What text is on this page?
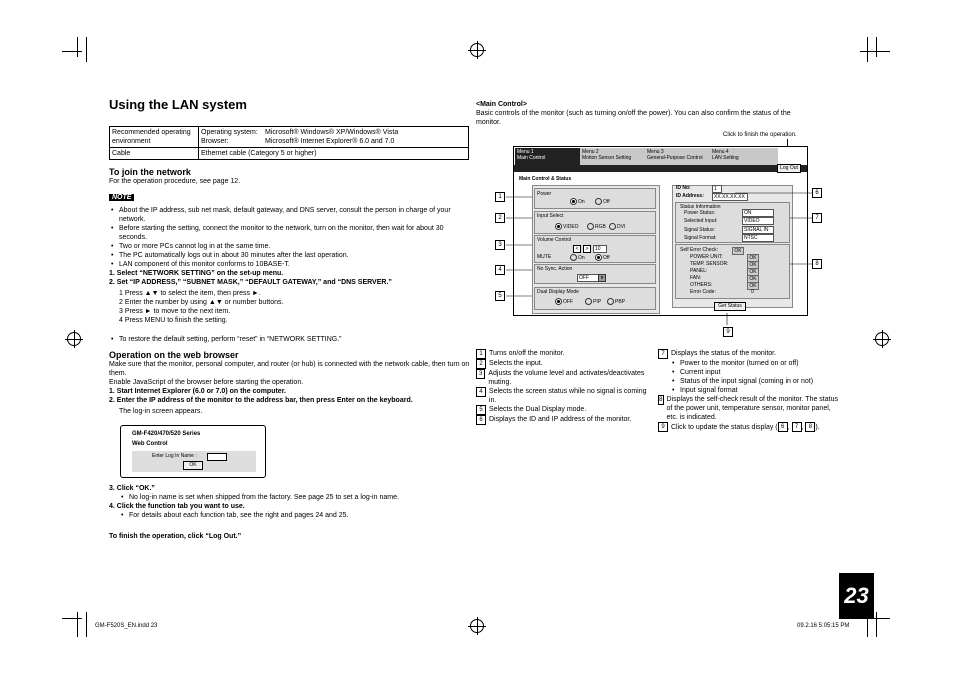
Using the LAN system
Recommended operating environment	Operating system: Microsoft® Windows® XP/Windows® Vista
Browser: Microsoft® Internet Explorer® 6.0 and 7.0
Cable	Ethernet cable (Category 5 or higher)
To join the network
For the operation procedure, see page 12.
NOTE
• About the IP address, sub net mask, default gateway, and DNS server, consult the person in charge of your network.
• Before starting the setting, connect the monitor to the network, turn on the monitor, then wait for about 30 seconds.
• Two or more PCs cannot log in at the same time.
• The PC automatically logs out in about 30 minutes after the last operation.
• LAN component of this monitor conforms to 10BASE-T.
1. Select “NETWORK SETTING” on the set-up menu.
2. Set “IP ADDRESS,” “SUBNET MASK,” “DEFAULT GATEWAY,” and “DNS SERVER.”
1 Press ▲▼ to select the item, then press ►.
2 Enter the number by using ▲▼ or number buttons.
3 Press ► to move to the next item.
4 Press MENU to finish the setting.
• To restore the default setting, perform “reset” in “NETWORK SETTING.”
Operation on the web browser
Make sure that the monitor, personal computer, and router (or hub) is connected with the network cable, then turn on them.
Enable JavaScript of the browser before starting the operation.
1. Start Internet Explorer (6.0 or 7.0) on the computer.
2. Enter the IP address of the monitor to the address bar, then press Enter on the keyboard.
The log-in screen appears.
GM-F420/470/520 Series
Web Control
Enter Log In Name :
OK
3. Click “OK.”
• No log-in name is set when shipped from the factory. See page 25 to set a log-in name.
4. Click the function tab you want to use.
• For details about each function tab, see the right and pages 24 and 25.
To finish the operation, click “Log Out.”
<Main Control>
Basic controls of the monitor (such as turning on/off the power). You can also confirm the status of the monitor.
Click to finish the operation.
Menu 1
Main Control
Menu 2
Motion Sensor Setting
Menu 3
General-Purpose Control
Menu 4
LAN Setting
Log Out
Main Control & Status
Power
On	Off
Input Select
VIDEO	RGB	DVI
Volume Control
<	>	10
MUTE	On	Off
No Sync. Action
OFF	▾
Dual Display Mode
OFF	PIP	PBP
ID No:	1
ID Address:	XX.XX.XX.XX
Status Information
Power Status:	ON
Selected Input:	VIDEO
Signal Status:	SIGNAL IN
Signal Format:	NTSC
Self Error Check:	OK
POWER UNIT:	OK
TEMP. SENSOR:	OK
PANEL:	OK
FAN:	OK
OTHERS:	OK
Error Code:	0
Get Status
1
2
3
4
5
6
7
8
9
1 Turns on/off the monitor.
2 Selects the input.
3 Adjusts the volume level and activates/deactivates muting.
4 Selects the screen status while no signal is coming in.
5 Selects the Dual Display mode.
6 Displays the ID and IP address of the monitor.
7 Displays the status of the monitor.
• Power to the monitor (turned on or off)
• Current input
• Status of the input signal (coming in or not)
• Input signal format
8 Displays the self-check result of the monitor. The status of the power unit, temperature sensor, monitor panel, etc. is indicated.
9 Click to update the status display ( 6 , 7 , 8 ).
23
GM-F520S_EN.indd 23	09.2.16 5:05:15 PM
